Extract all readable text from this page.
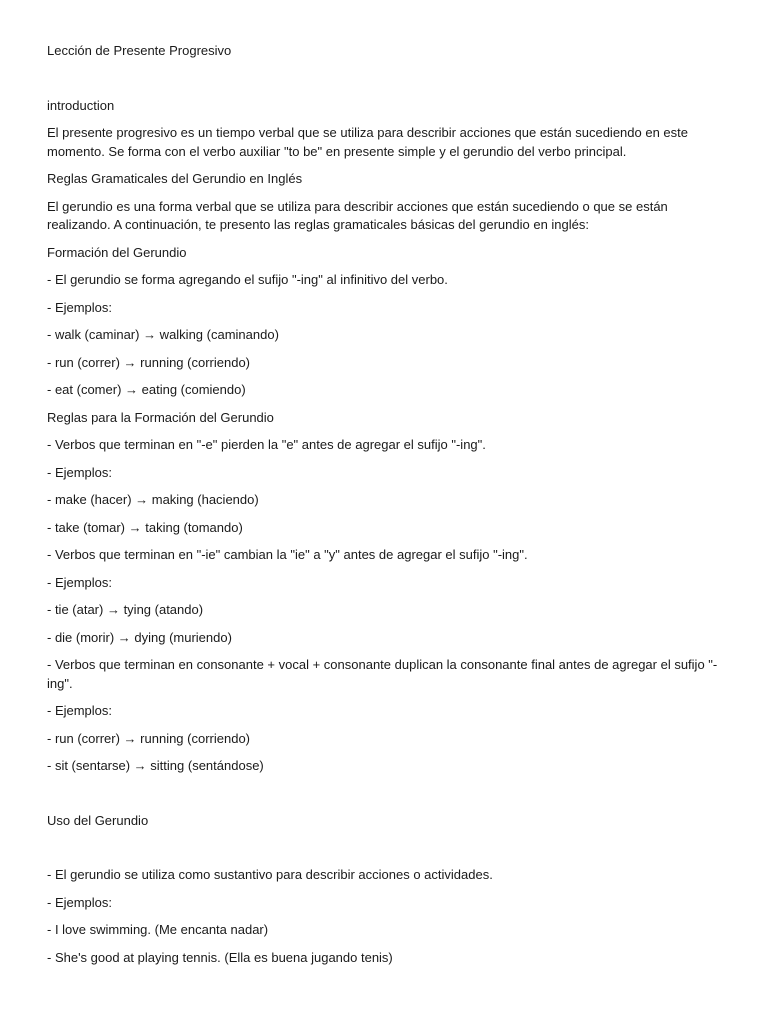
Lección de Presente Progresivo

introduction

El presente progresivo es un tiempo verbal que se utiliza para describir acciones que están sucediendo en este momento. Se forma con el verbo auxiliar "to be" en presente simple y el gerundio del verbo principal.

Reglas Gramaticales del Gerundio en Inglés

El gerundio es una forma verbal que se utiliza para describir acciones que están sucediendo o que se están realizando. A continuación, te presento las reglas gramaticales básicas del gerundio en inglés:

Formación del Gerundio

- El gerundio se forma agregando el sufijo "-ing" al infinitivo del verbo.

- Ejemplos:

- walk (caminar) → walking (caminando)

- run (correr) → running (corriendo)

- eat (comer) → eating (comiendo)

Reglas para la Formación del Gerundio

- Verbos que terminan en "-e" pierden la "e" antes de agregar el sufijo "-ing".

- Ejemplos:

- make (hacer) → making (haciendo)

- take (tomar) → taking (tomando)

- Verbos que terminan en "-ie" cambian la "ie" a "y" antes de agregar el sufijo "-ing".

- Ejemplos:

- tie (atar) → tying (atando)

- die (morir) → dying (muriendo)

- Verbos que terminan en consonante + vocal + consonante duplican la consonante final antes de agregar el sufijo "-ing".

- Ejemplos:

- run (correr) → running (corriendo)

- sit (sentarse) → sitting (sentándose)

Uso del Gerundio

- El gerundio se utiliza como sustantivo para describir acciones o actividades.

- Ejemplos:

- I love swimming. (Me encanta nadar)

- She's good at playing tennis. (Ella es buena jugando tenis)
